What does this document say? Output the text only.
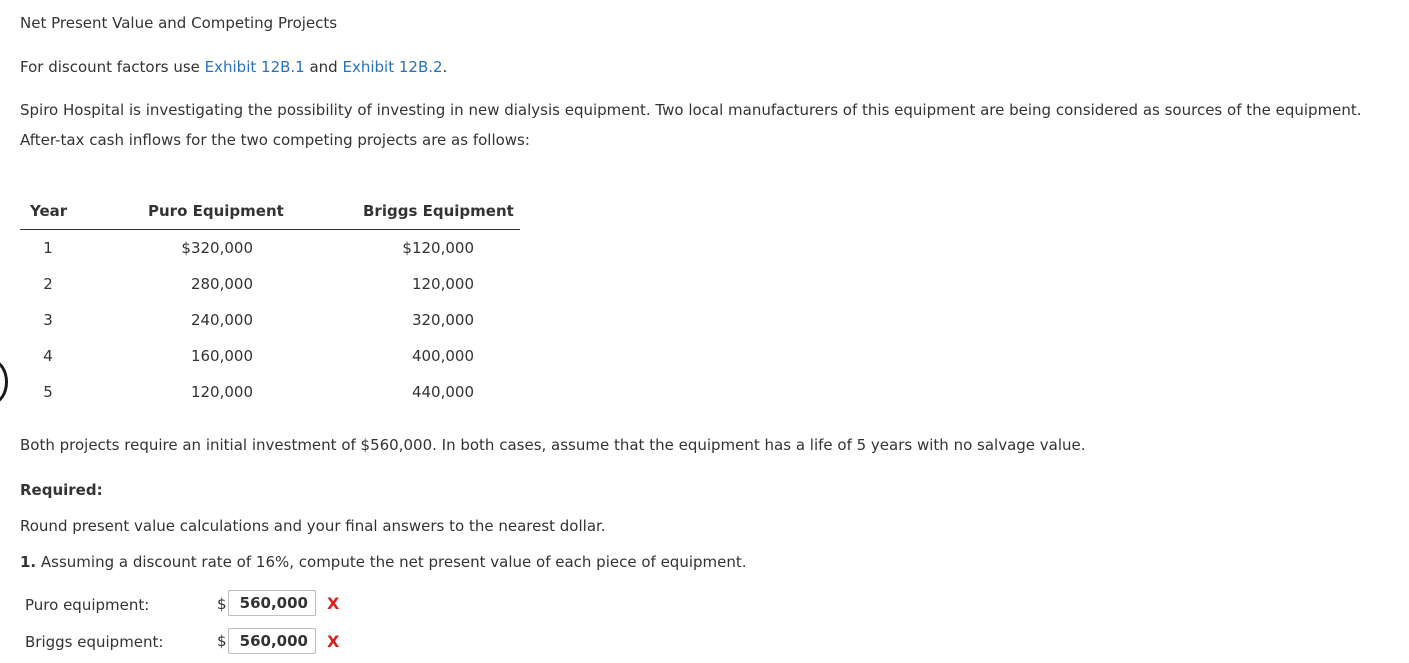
Net Present Value and Competing Projects
For discount factors use Exhibit 12B.1 and Exhibit 12B.2.
Spiro Hospital is investigating the possibility of investing in new dialysis equipment. Two local manufacturers of this equipment are being considered as sources of the equipment.
After-tax cash inflows for the two competing projects are as follows:
Year	Puro Equipment	Briggs Equipment
1	$320,000	$120,000
2	280,000	120,000
3	240,000	320,000
4	160,000	400,000
5	120,000	440,000
Both projects require an initial investment of $560,000. In both cases, assume that the equipment has a life of 5 years with no salvage value.
Required:
Round present value calculations and your final answers to the nearest dollar.
1. Assuming a discount rate of 16%, compute the net present value of each piece of equipment.
Puro equipment:	$ 560,000	X
Briggs equipment:	$ 560,000	X
